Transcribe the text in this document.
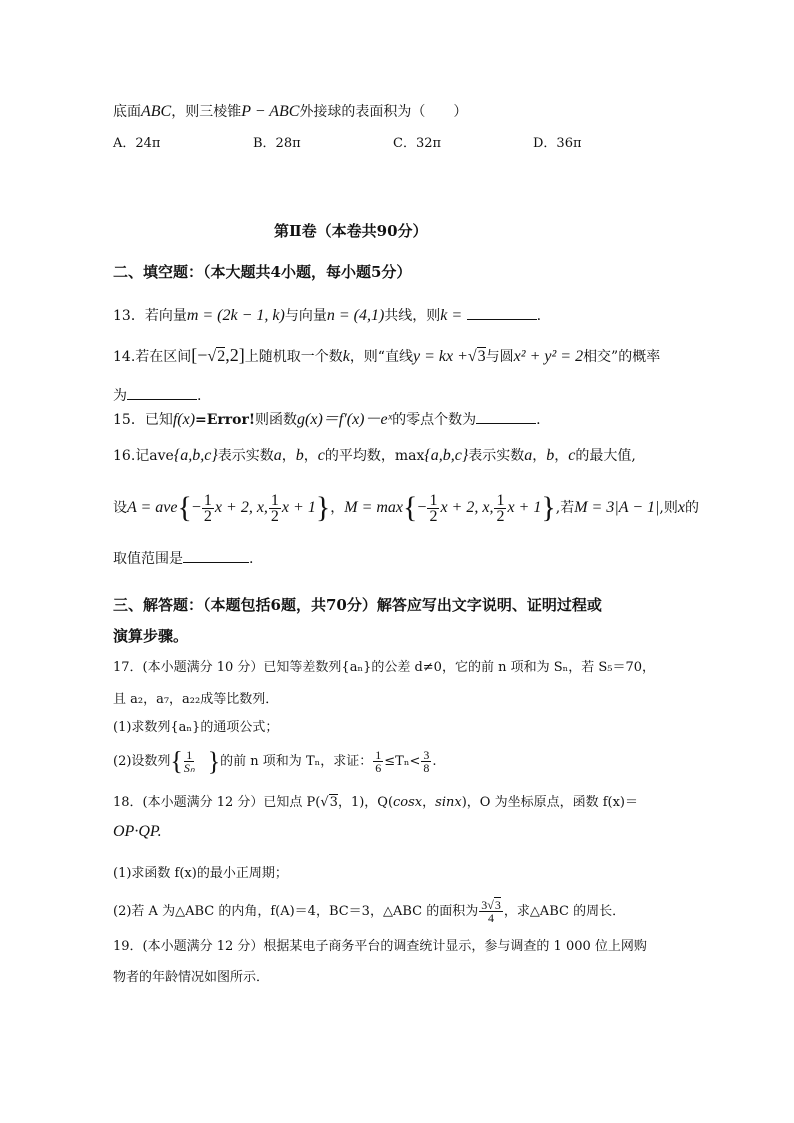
底面ABC，则三棱锥P − ABC外接球的表面积为（　　）
A．24π	B．28π	C．32π	D．36π
第Ⅱ卷（本卷共90分）
二、填空题：（本大题共4小题，每小题5分）
13．若向量m = (2k − 1, k)与向量n = (4,1)共线，则k =	.
14.若在区间[−√2,2]上随机取一个数k，则“直线y = kx +√3与圆x² + y² = 2相交”的概率
为	.
15．已知f(x)=Error!则函数g(x)＝f′(x)－eˣ的零点个数为	.
16.记ave{a,b,c}表示实数a，b，c的平均数，max{a,b,c}表示实数a，b，c的最大值,
设$A = ave\{- \frac{1}{2}$ x + 2, x, $\frac{1}{2}$ x + 1}，$M = \max\{- \frac{1}{2}$ x + 2, x, $\frac{1}{2}$ x + 1},若M = 3|A − 1|,则x的
取值范围是	.
三、解答题：（本题包括6题，共70分）解答应写出文字说明、证明过程或
演算步骤。
17．(本小题满分 10 分）已知等差数列{aₙ}的公差 d≠0，它的前 n 项和为 Sₙ，若 S₅＝70，
且 a₂，a₇，a₂₂成等比数列．
(1)求数列{aₙ}的通项公式；
(2)设数列{ $\frac{1}{\text{Sₙ}}$ }的前 n 项和为 Tₙ，求证： $\frac{1}{6} \le T_n< \frac{3}{8}$ .
18．(本小题满分 12 分）已知点 P(√3，1)，Q(cosx，sinx)，O 为坐标原点，函数 f(x)＝
OP·QP.
(1)求函数 f(x)的最小正周期；
(2)若 A 为△ABC 的内角，f(A)＝4，BC＝3，△ABC 的面积为 $\frac{3√3}{4}$ ，求△ABC 的周长．
19．(本小题满分 12 分）根据某电子商务平台的调查统计显示，参与调查的 1 000 位上网购
物者的年龄情况如图所示．
